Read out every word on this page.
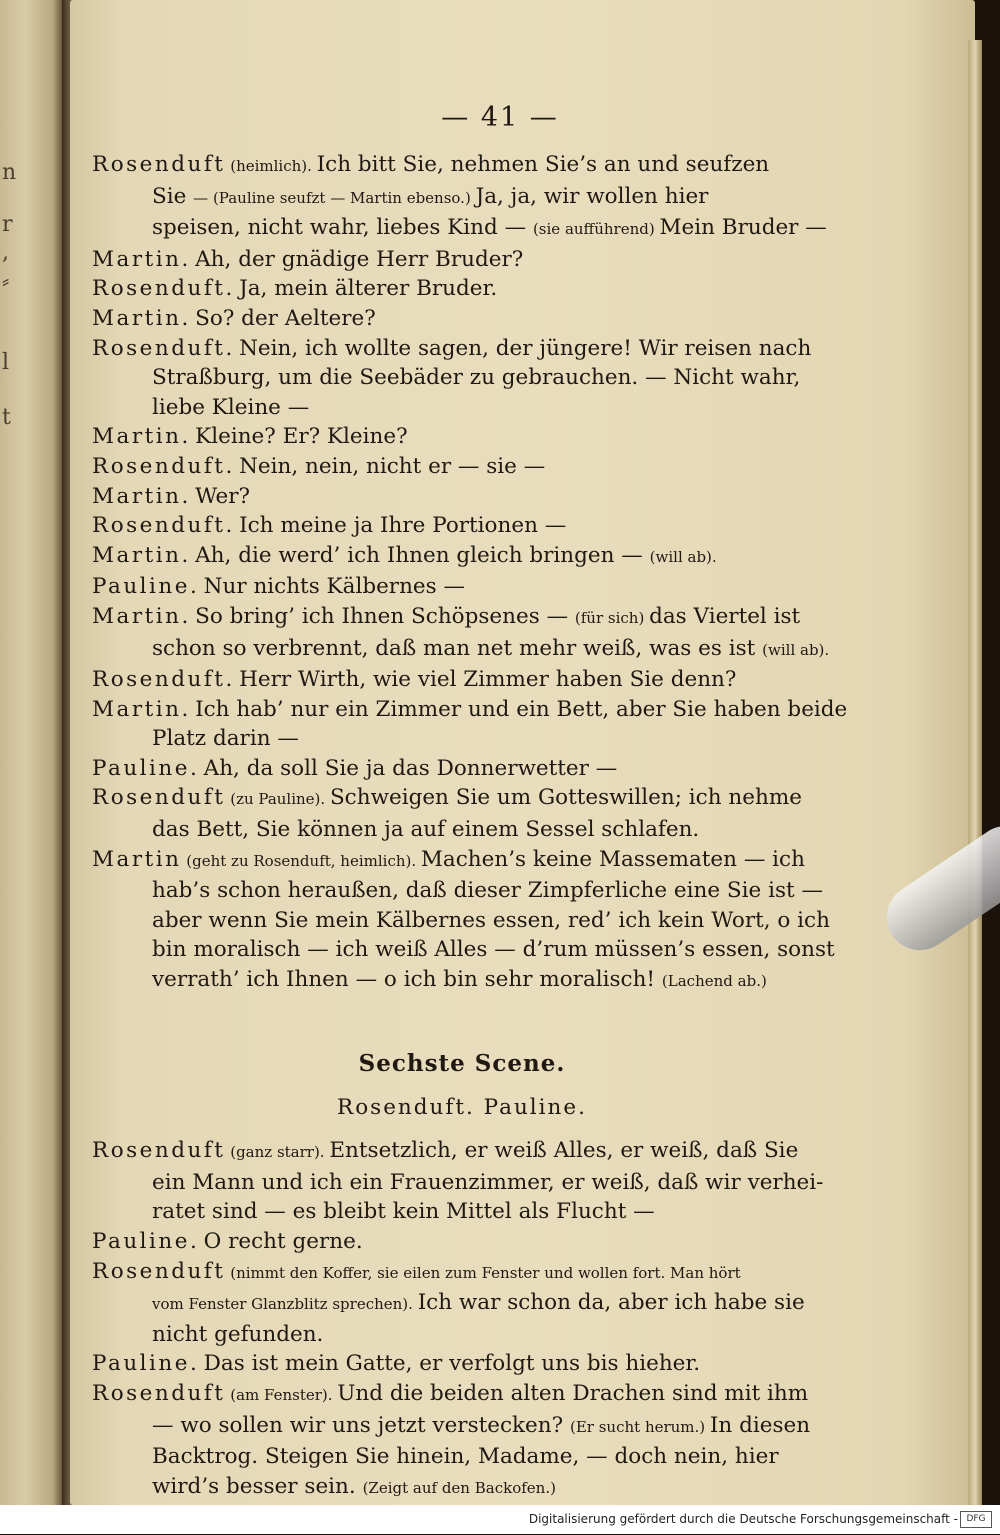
n
r
,
⸗
l
t
— 41 —
Rosenduft (heimlich). Ich bitt Sie, nehmen Sie’s an und seufzen
Sie — (Pauline seufzt — Martin ebenso.) Ja, ja, wir wollen hier
speisen, nicht wahr, liebes Kind — (sie aufführend) Mein Bruder —
Martin. Ah, der gnädige Herr Bruder?
Rosenduft. Ja, mein älterer Bruder.
Martin. So? der Aeltere?
Rosenduft. Nein, ich wollte sagen, der jüngere! Wir reisen nach
Straßburg, um die Seebäder zu gebrauchen. — Nicht wahr,
liebe Kleine —
Martin. Kleine? Er? Kleine?
Rosenduft. Nein, nein, nicht er — sie —
Martin. Wer?
Rosenduft. Ich meine ja Ihre Portionen —
Martin. Ah, die werd’ ich Ihnen gleich bringen — (will ab).
Pauline. Nur nichts Kälbernes —
Martin. So bring’ ich Ihnen Schöpsenes — (für sich) das Viertel ist
schon so verbrennt, daß man net mehr weiß, was es ist (will ab).
Rosenduft. Herr Wirth, wie viel Zimmer haben Sie denn?
Martin. Ich hab’ nur ein Zimmer und ein Bett, aber Sie haben beide
Platz darin —
Pauline. Ah, da soll Sie ja das Donnerwetter —
Rosenduft (zu Pauline). Schweigen Sie um Gotteswillen; ich nehme
das Bett, Sie können ja auf einem Sessel schlafen.
Martin (geht zu Rosenduft, heimlich). Machen’s keine Massematen — ich
hab’s schon heraußen, daß dieser Zimpferliche eine Sie ist —
aber wenn Sie mein Kälbernes essen, red’ ich kein Wort, o ich
bin moralisch — ich weiß Alles — d’rum müssen’s essen, sonst
verrath’ ich Ihnen — o ich bin sehr moralisch! (Lachend ab.)
Sechste Scene.
Rosenduft. Pauline.
Rosenduft (ganz starr). Entsetzlich, er weiß Alles, er weiß, daß Sie
ein Mann und ich ein Frauenzimmer, er weiß, daß wir verhei-
ratet sind — es bleibt kein Mittel als Flucht —
Pauline. O recht gerne.
Rosenduft (nimmt den Koffer, sie eilen zum Fenster und wollen fort. Man hört
vom Fenster Glanzblitz sprechen). Ich war schon da, aber ich habe sie
nicht gefunden.
Pauline. Das ist mein Gatte, er verfolgt uns bis hieher.
Rosenduft (am Fenster). Und die beiden alten Drachen sind mit ihm
— wo sollen wir uns jetzt verstecken? (Er sucht herum.) In diesen
Backtrog. Steigen Sie hinein, Madame, — doch nein, hier
wird’s besser sein. (Zeigt auf den Backofen.)
Digitalisierung gefördert durch die Deutsche Forschungsgemeinschaft - DFG
